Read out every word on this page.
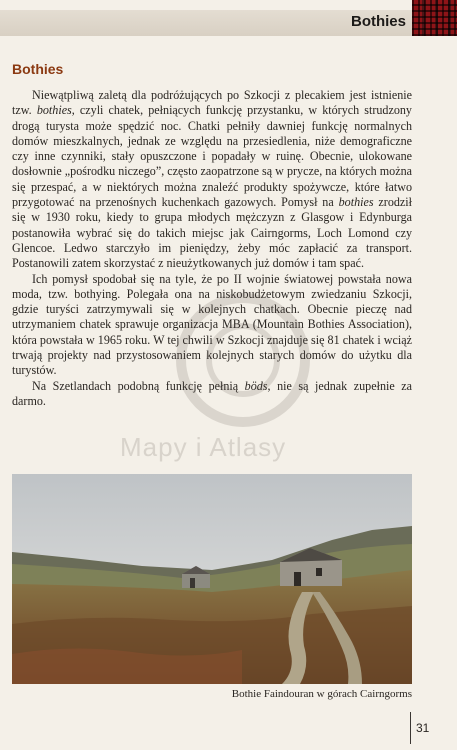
Bothies
Bothies

Niewątpliwą zaletą dla podróżujących po Szkocji z plecakiem jest istnienie tzw. bothies, czyli chatek, pełniących funkcję przystanku, w których strudzony drogą turysta może spędzić noc. Chatki pełniły dawniej funkcję normalnych domów mieszkalnych, jednak ze względu na przesiedlenia, niże demograficzne czy inne czynniki, stały opuszczone i popadały w ruinę. Obecnie, ulokowane dosłownie „pośrodku niczego”, często zaopatrzone są w prycze, na których można się przespać, a w niektórych można znaleźć produkty spożywcze, które łatwo przygotować na przenośnych kuchenkach gazowych. Pomysł na bothies zrodził się w 1930 roku, kiedy to grupa młodych mężczyzn z Glasgow i Edynburga postanowiła wybrać się do takich miejsc jak Cairngorms, Loch Lomond czy Glencoe. Ledwo starczyło im pieniędzy, żeby móc zapłacić za transport. Postanowili zatem skorzystać z nieużytkowanych już domów i tam spać.

Ich pomysł spodobał się na tyle, że po II wojnie światowej powstała nowa moda, tzw. bothying. Polegała ona na niskobudżetowym zwiedzaniu Szkocji, gdzie turyści zatrzymywali się w kolejnych chatkach. Obecnie pieczę nad utrzymaniem chatek sprawuje organizacja MBA (Mountain Bothies Association), która powstała w 1965 roku. W tej chwili w Szkocji znajduje się 81 chatek i wciąż trwają projekty nad przystosowaniem kolejnych starych domów do użytku dla turystów.

Na Szetlandach podobną funkcję pełnią böds, nie są jednak zupełnie za darmo.

Mapy i Atlasy
Bothie Faindouran w górach Cairngorms
31
